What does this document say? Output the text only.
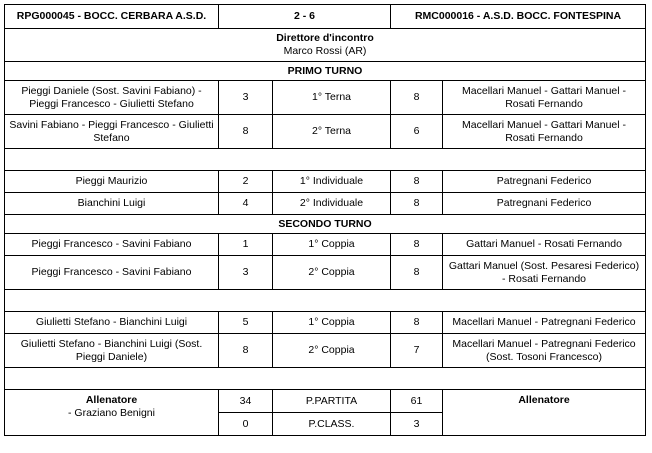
RPG000045 - BOCC. CERBARA A.S.D.	2 - 6		RMC000016 - A.S.D. BOCC. FONTESPINA	

Direttore d'incontro
Marco Rossi (AR)				

PRIMO TURNO				
Pieggi Daniele (Sost. Savini Fabiano) - Pieggi Francesco - Giulietti Stefano	3	1° Terna	8	Macellari Manuel - Gattari Manuel - Rosati Fernando
Savini Fabiano - Pieggi Francesco - Giulietti Stefano	8	2° Terna	6	Macellari Manuel - Gattari Manuel - Rosati Fernando

Pieggi Maurizio	2	1° Individuale	8	Patregnani Federico
Bianchini Luigi	4	2° Individuale	8	Patregnani Federico
SECONDO TURNO				
Pieggi Francesco - Savini Fabiano	1	1° Coppia	8	Gattari Manuel - Rosati Fernando
Pieggi Francesco - Savini Fabiano	3	2° Coppia	8	Gattari Manuel (Sost. Pesaresi Federico) - Rosati Fernando

Giulietti Stefano - Bianchini Luigi	5	1° Coppia	8	Macellari Manuel - Patregnani Federico
Giulietti Stefano - Bianchini Luigi (Sost. Pieggi Daniele)	8	2° Coppia	7	Macellari Manuel - Patregnani Federico (Sost. Tosoni Francesco)

Allenatore
- Graziano Benigni	34	P.PARTITA	61	Allenatore
	0	P.CLASS.	3	
